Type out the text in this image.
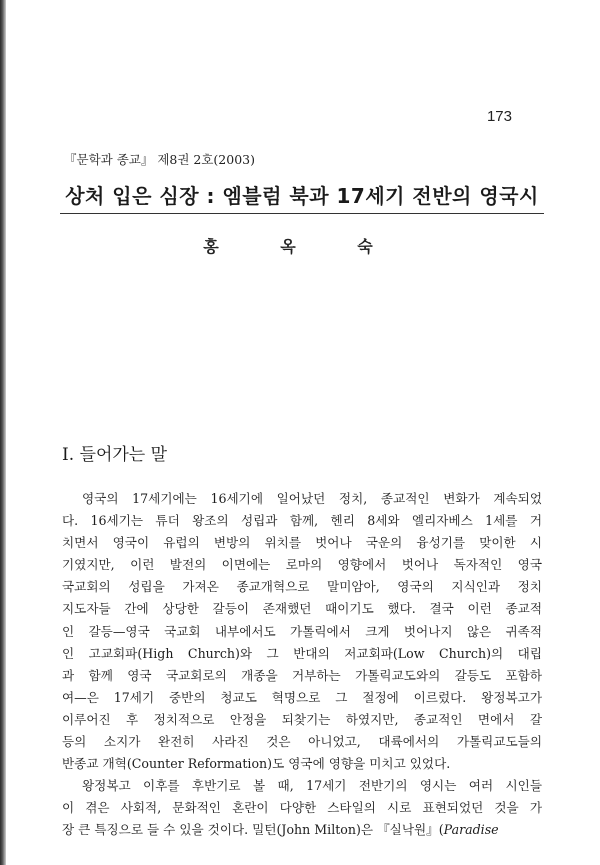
173
『문학과 종교』 제8권 2호(2003)
상처 입은 심장 : 엠블럼 북과 17세기 전반의 영국시
홍 옥 숙
I. 들어가는 말
영국의 17세기에는 16세기에 일어났던 정치, 종교적인 변화가 계속되었
다. 16세기는 튜더 왕조의 성립과 함께, 헨리 8세와 엘리자베스 1세를 거
치면서 영국이 유럽의 변방의 위치를 벗어나 국운의 융성기를 맞이한 시
기였지만, 이런 발전의 이면에는 로마의 영향에서 벗어나 독자적인 영국
국교회의 성립을 가져온 종교개혁으로 말미암아, 영국의 지식인과 정치
지도자들 간에 상당한 갈등이 존재했던 때이기도 했다. 결국 이런 종교적
인 갈등—영국 국교회 내부에서도 가톨릭에서 크게 벗어나지 않은 귀족적
인 고교회파(High Church)와 그 반대의 저교회파(Low Church)의 대립
과 함께 영국 국교회로의 개종을 거부하는 가톨릭교도와의 갈등도 포함하
여—은 17세기 중반의 청교도 혁명으로 그 절정에 이르렀다. 왕정복고가
이루어진 후 정치적으로 안정을 되찾기는 하였지만, 종교적인 면에서 갈
등의 소지가 완전히 사라진 것은 아니었고, 대륙에서의 가톨릭교도들의
반종교 개혁(Counter Reformation)도 영국에 영향을 미치고 있었다.
왕정복고 이후를 후반기로 볼 때, 17세기 전반기의 영시는 여러 시인들
이 겪은 사회적, 문화적인 혼란이 다양한 스타일의 시로 표현되었던 것을 가
장 큰 특징으로 들 수 있을 것이다. 밀턴(John Milton)은 『실낙원』(Paradise
